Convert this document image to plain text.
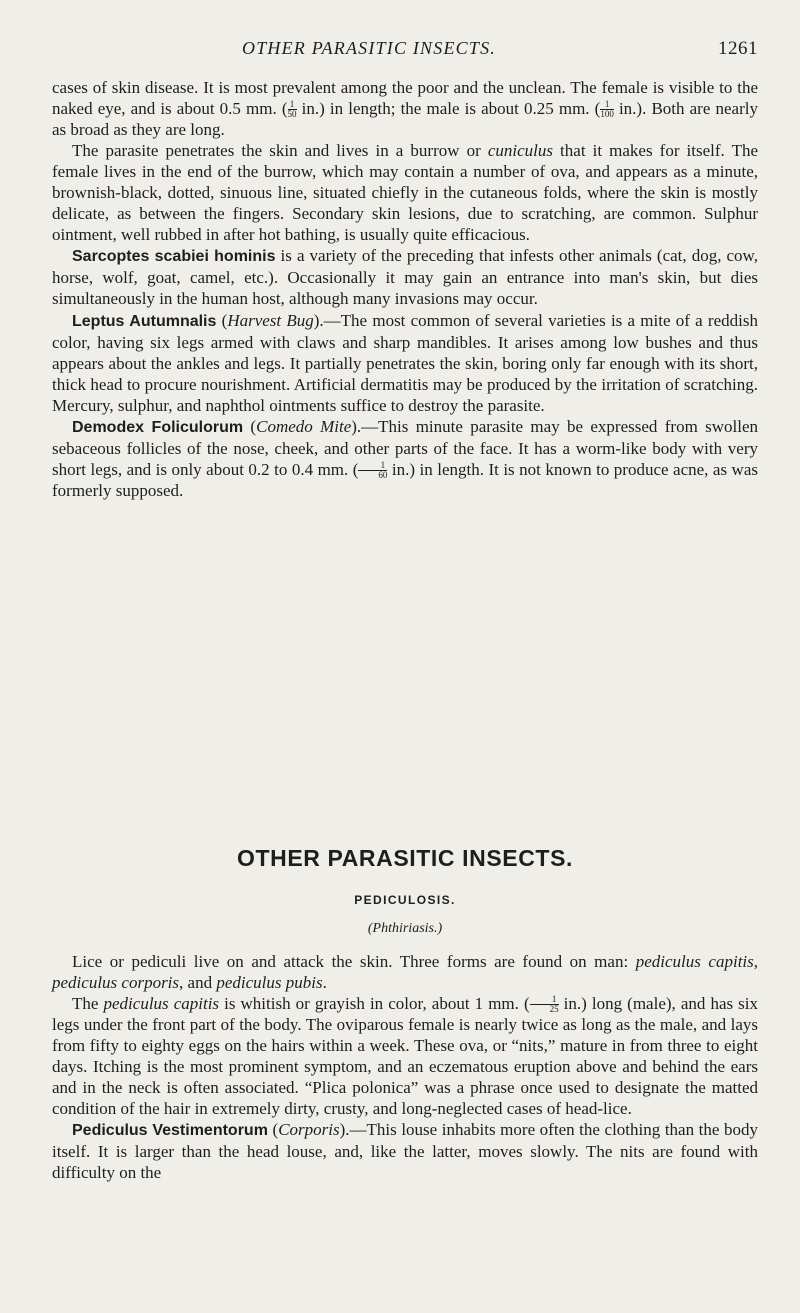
OTHER PARASITIC INSECTS.	1261

cases of skin disease. It is most prevalent among the poor and the unclean. The female is visible to the naked eye, and is about 0.5 mm. ( $\frac{1}{50} in$.) in length; the male is about 0.25 mm. ( $\frac{1}{100} in$.). Both are nearly as broad as they are long.

The parasite penetrates the skin and lives in a burrow or cuniculus that it makes for itself. The female lives in the end of the burrow, which may contain a number of ova, and appears as a minute, brownish-black, dotted, sinuous line, situated chiefly in the cutaneous folds, where the skin is mostly delicate, as between the fingers. Secondary skin lesions, due to scratching, are common. Sulphur ointment, well rubbed in after hot bathing, is usually quite efficacious.

Sarcoptes scabiei hominis is a variety of the preceding that infests other animals (cat, dog, cow, horse, wolf, goat, camel, etc.). Occasionally it may gain an entrance into man's skin, but dies simultaneously in the human host, although many invasions may occur.

Leptus Autumnalis (Harvest Bug).—The most common of several varieties is a mite of a reddish color, having six legs armed with claws and sharp mandibles. It arises among low bushes and thus appears about the ankles and legs. It partially penetrates the skin, boring only far enough with its short, thick head to procure nourishment. Artificial dermatitis may be produced by the irritation of scratching. Mercury, sulphur, and naphthol ointments suffice to destroy the parasite.

Demodex Foliculorum (Comedo Mite).—This minute parasite may be expressed from swollen sebaceous follicles of the nose, cheek, and other parts of the face. It has a worm-like body with very short legs, and is only about 0.2 to 0.4 mm. ( $\frac{1}{60} in$.) in length. It is not known to produce acne, as was formerly supposed.

OTHER PARASITIC INSECTS.
PEDICULOSIS.
(Phthiriasis.)

Lice or pediculi live on and attack the skin. Three forms are found on man: pediculus capitis, pediculus corporis, and pediculus pubis.

The pediculus capitis is whitish or grayish in color, about 1 mm. ( $\frac{1}{25} in$.) long (male), and has six legs under the front part of the body. The oviparous female is nearly twice as long as the male, and lays from fifty to eighty eggs on the hairs within a week. These ova, or “nits,” mature in from three to eight days. Itching is the most prominent symptom, and an eczematous eruption above and behind the ears and in the neck is often associated. “Plica polonica” was a phrase once used to designate the matted condition of the hair in extremely dirty, crusty, and long-neglected cases of head-lice.

Pediculus Vestimentorum (Corporis).—This louse inhabits more often the clothing than the body itself. It is larger than the head louse, and, like the latter, moves slowly. The nits are found with difficulty on the
